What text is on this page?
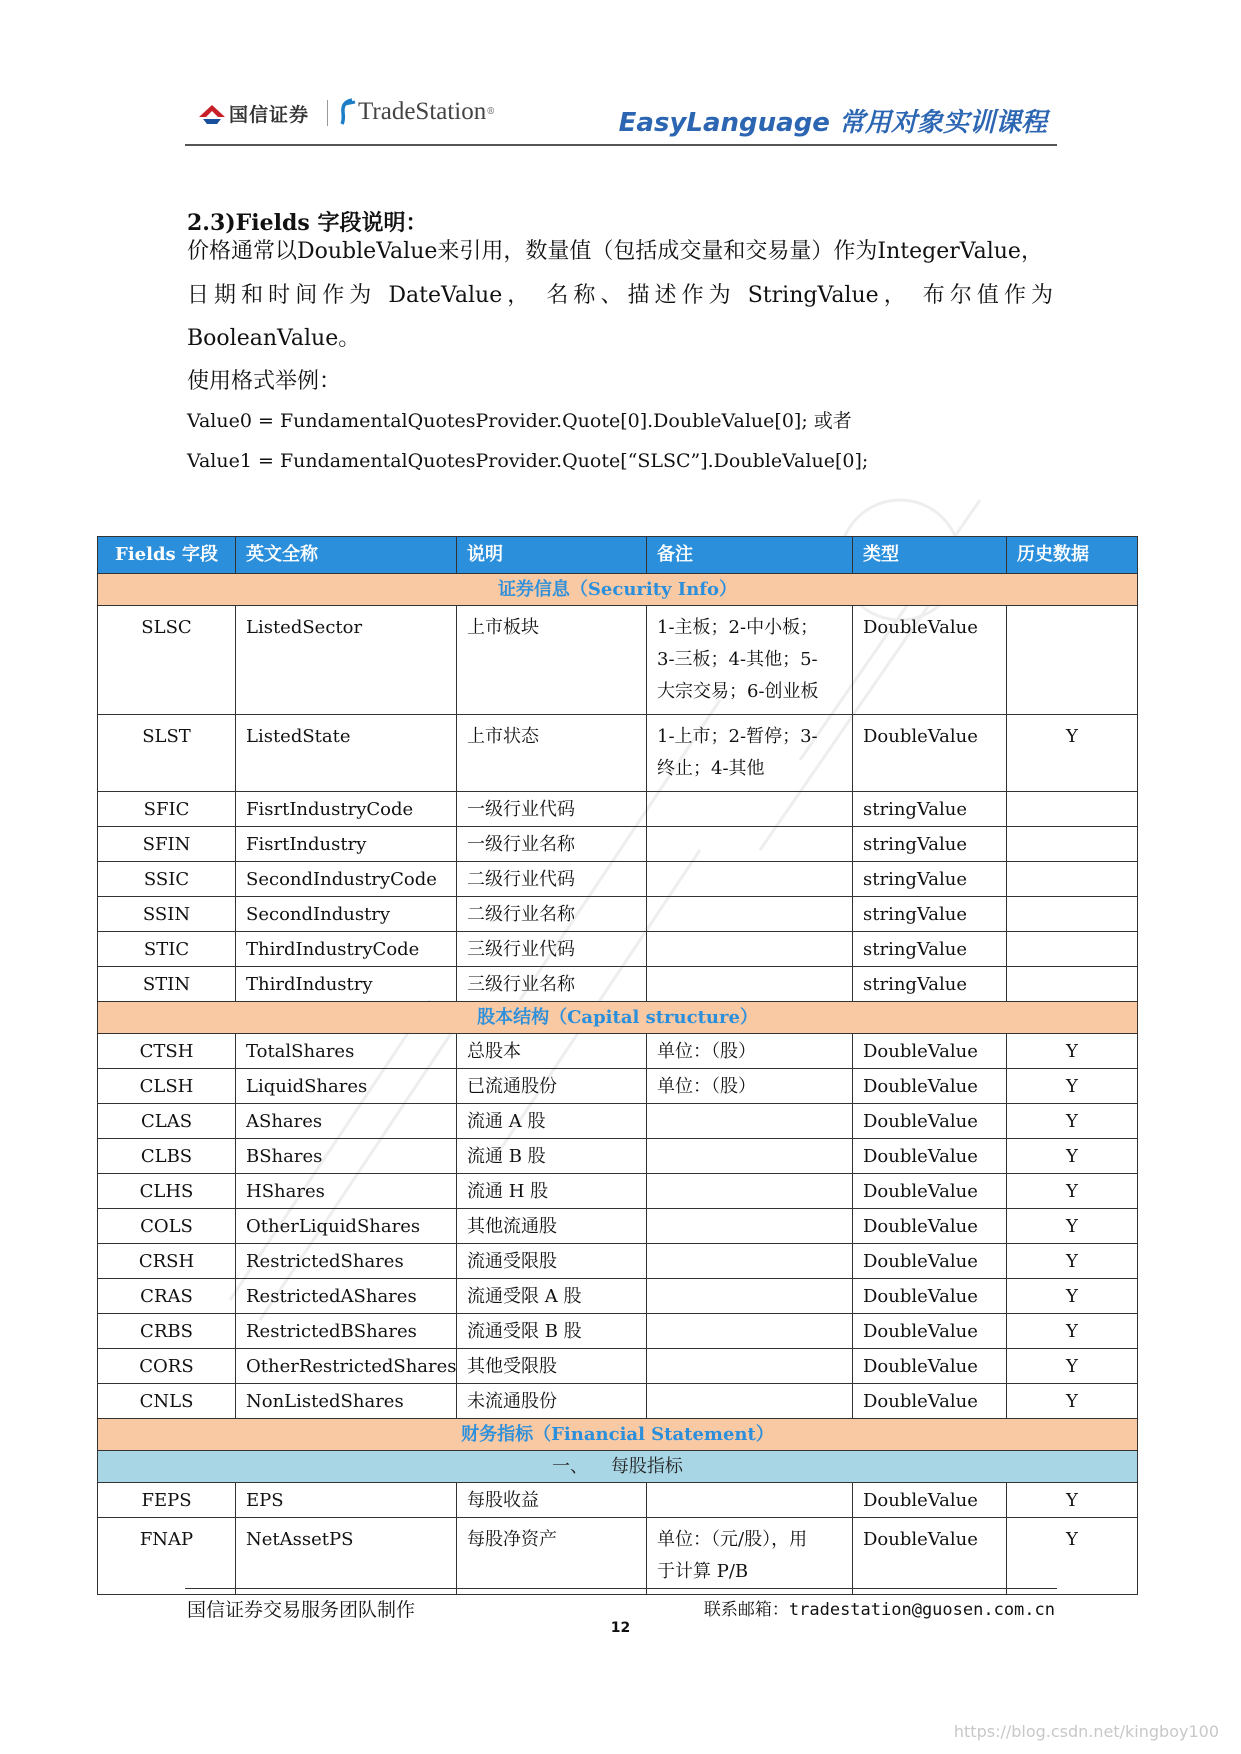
国信证券 TradeStation ®	EasyLanguage 常用对象实训课程
2.3)Fields 字段说明：
价格通常以DoubleValue来引用，数量值（包括成交量和交易量）作为IntegerValue，
日期和时间作为 DateValue， 名称、描述作为 StringValue， 布尔值作为
BooleanValue。
使用格式举例：
Value0 = FundamentalQuotesProvider.Quote[0].DoubleValue[0]; 或者
Value1 = FundamentalQuotesProvider.Quote[“SLSC”].DoubleValue[0];
Fields 字段	英文全称	说明	备注	类型	历史数据
证券信息（Security Info）					
SLSC	ListedSector	上市板块	1-主板；2-中小板；
3-三板；4-其他；5-
大宗交易；6-创业板	DoubleValue	
SLST	ListedState	上市状态	1-上市；2-暂停；3-
终止；4-其他	DoubleValue	Y
SFIC	FisrtIndustryCode	一级行业代码		stringValue	
SFIN	FisrtIndustry	一级行业名称		stringValue	
SSIC	SecondIndustryCode	二级行业代码		stringValue	
SSIN	SecondIndustry	二级行业名称		stringValue	
STIC	ThirdIndustryCode	三级行业代码		stringValue	
STIN	ThirdIndustry	三级行业名称		stringValue	
股本结构（Capital structure）					
CTSH	TotalShares	总股本	单位：（股）	DoubleValue	Y
CLSH	LiquidShares	已流通股份	单位：（股）	DoubleValue	Y
CLAS	AShares	流通 A 股		DoubleValue	Y
CLBS	BShares	流通 B 股		DoubleValue	Y
CLHS	HShares	流通 H 股		DoubleValue	Y
COLS	OtherLiquidShares	其他流通股		DoubleValue	Y
CRSH	RestrictedShares	流通受限股		DoubleValue	Y
CRAS	RestrictedAShares	流通受限 A 股		DoubleValue	Y
CRBS	RestrictedBShares	流通受限 B 股		DoubleValue	Y
CORS	OtherRestrictedShares	其他受限股		DoubleValue	Y
CNLS	NonListedShares	未流通股份		DoubleValue	Y
财务指标（Financial Statement）					
一、    每股指标					
FEPS	EPS	每股收益		DoubleValue	Y
FNAP	NetAssetPS	每股净资产	单位：（元/股），用
于计算 P/B	DoubleValue	Y
国信证券交易服务团队制作	联系邮箱：tradestation@guosen.com.cn
12
https://blog.csdn.net/kingboy100
